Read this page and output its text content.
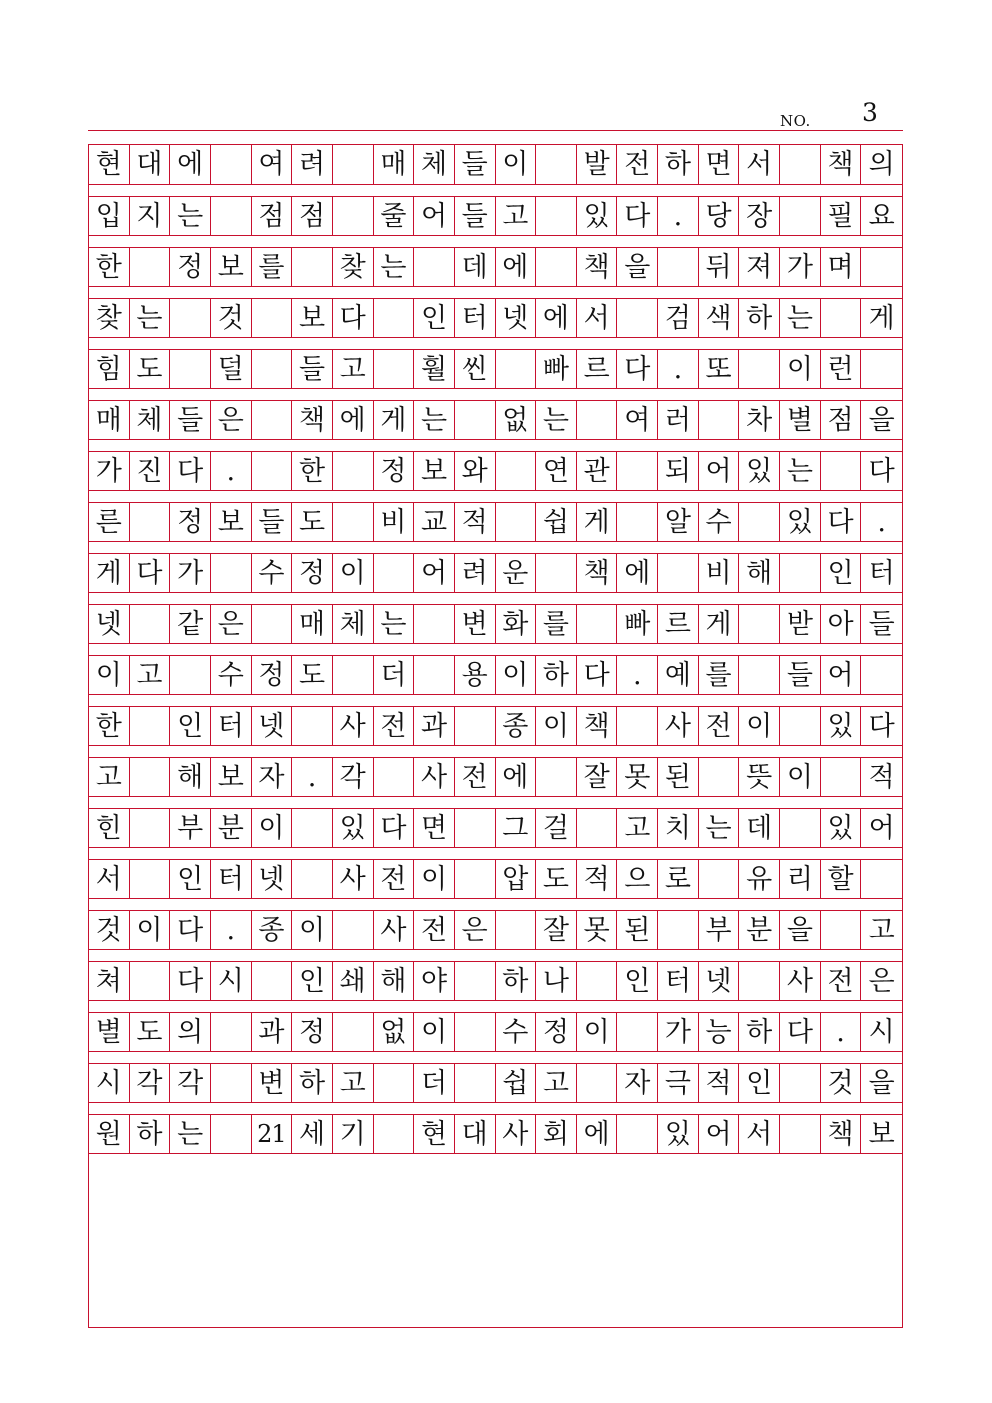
NO. 3
현 대 에 여 려 매 체 들 이 발 전 하 면 서 책 의
입 지 는 점 점 줄 어 들 고 있 다 . 당 장 필 요
한 정 보 를 찾 는 데 에 책 을 뒤 져 가 며
찾 는 것 보 다 인 터 넷 에 서 검 색 하 는 게
힘 도 덜 들 고 훨 씬 빠 르 다 . 또 이 런
매 체 들 은 책 에 게 는 없 는 여 러 차 별 점 을
가 진 다 .	한 정 보 와 연 관 되 어 있 는 다
른 정 보 들 도 비 교 적 쉽 게 알 수 있 다 .
게 다 가 수 정 이 어 려 운 책 에 비 해 인 터
넷 같 은 매 체 는 변 화 를 빠 르 게 받 아 들
이 고 수 정 도 더 용 이 하 다 . 예 를 들 어
한 인 터 넷 사 전 과 종 이 책 사 전 이 있 다
고 해 보 자 . 각 사 전 에 잘 못 된 뜻 이 적
힌 부 분 이 있 다 면 그 걸 고 치 는 데 있 어
서 인 터 넷 사 전 이 압 도 적 으 로 유 리 할
것 이 다 . 종 이 사 전 은 잘 못 된 부 분 을 고
쳐 다 시 인 쇄 해 야 하 나 인 터 넷 사 전 은
별 도 의 과 정 없 이 수 정 이 가 능 하 다 . 시
시 각 각 변 하 고 더 쉽 고 자 극 적 인 것 을
원 하 는	21 세 기 현 대 사 회 에 있 어 서 책 보
